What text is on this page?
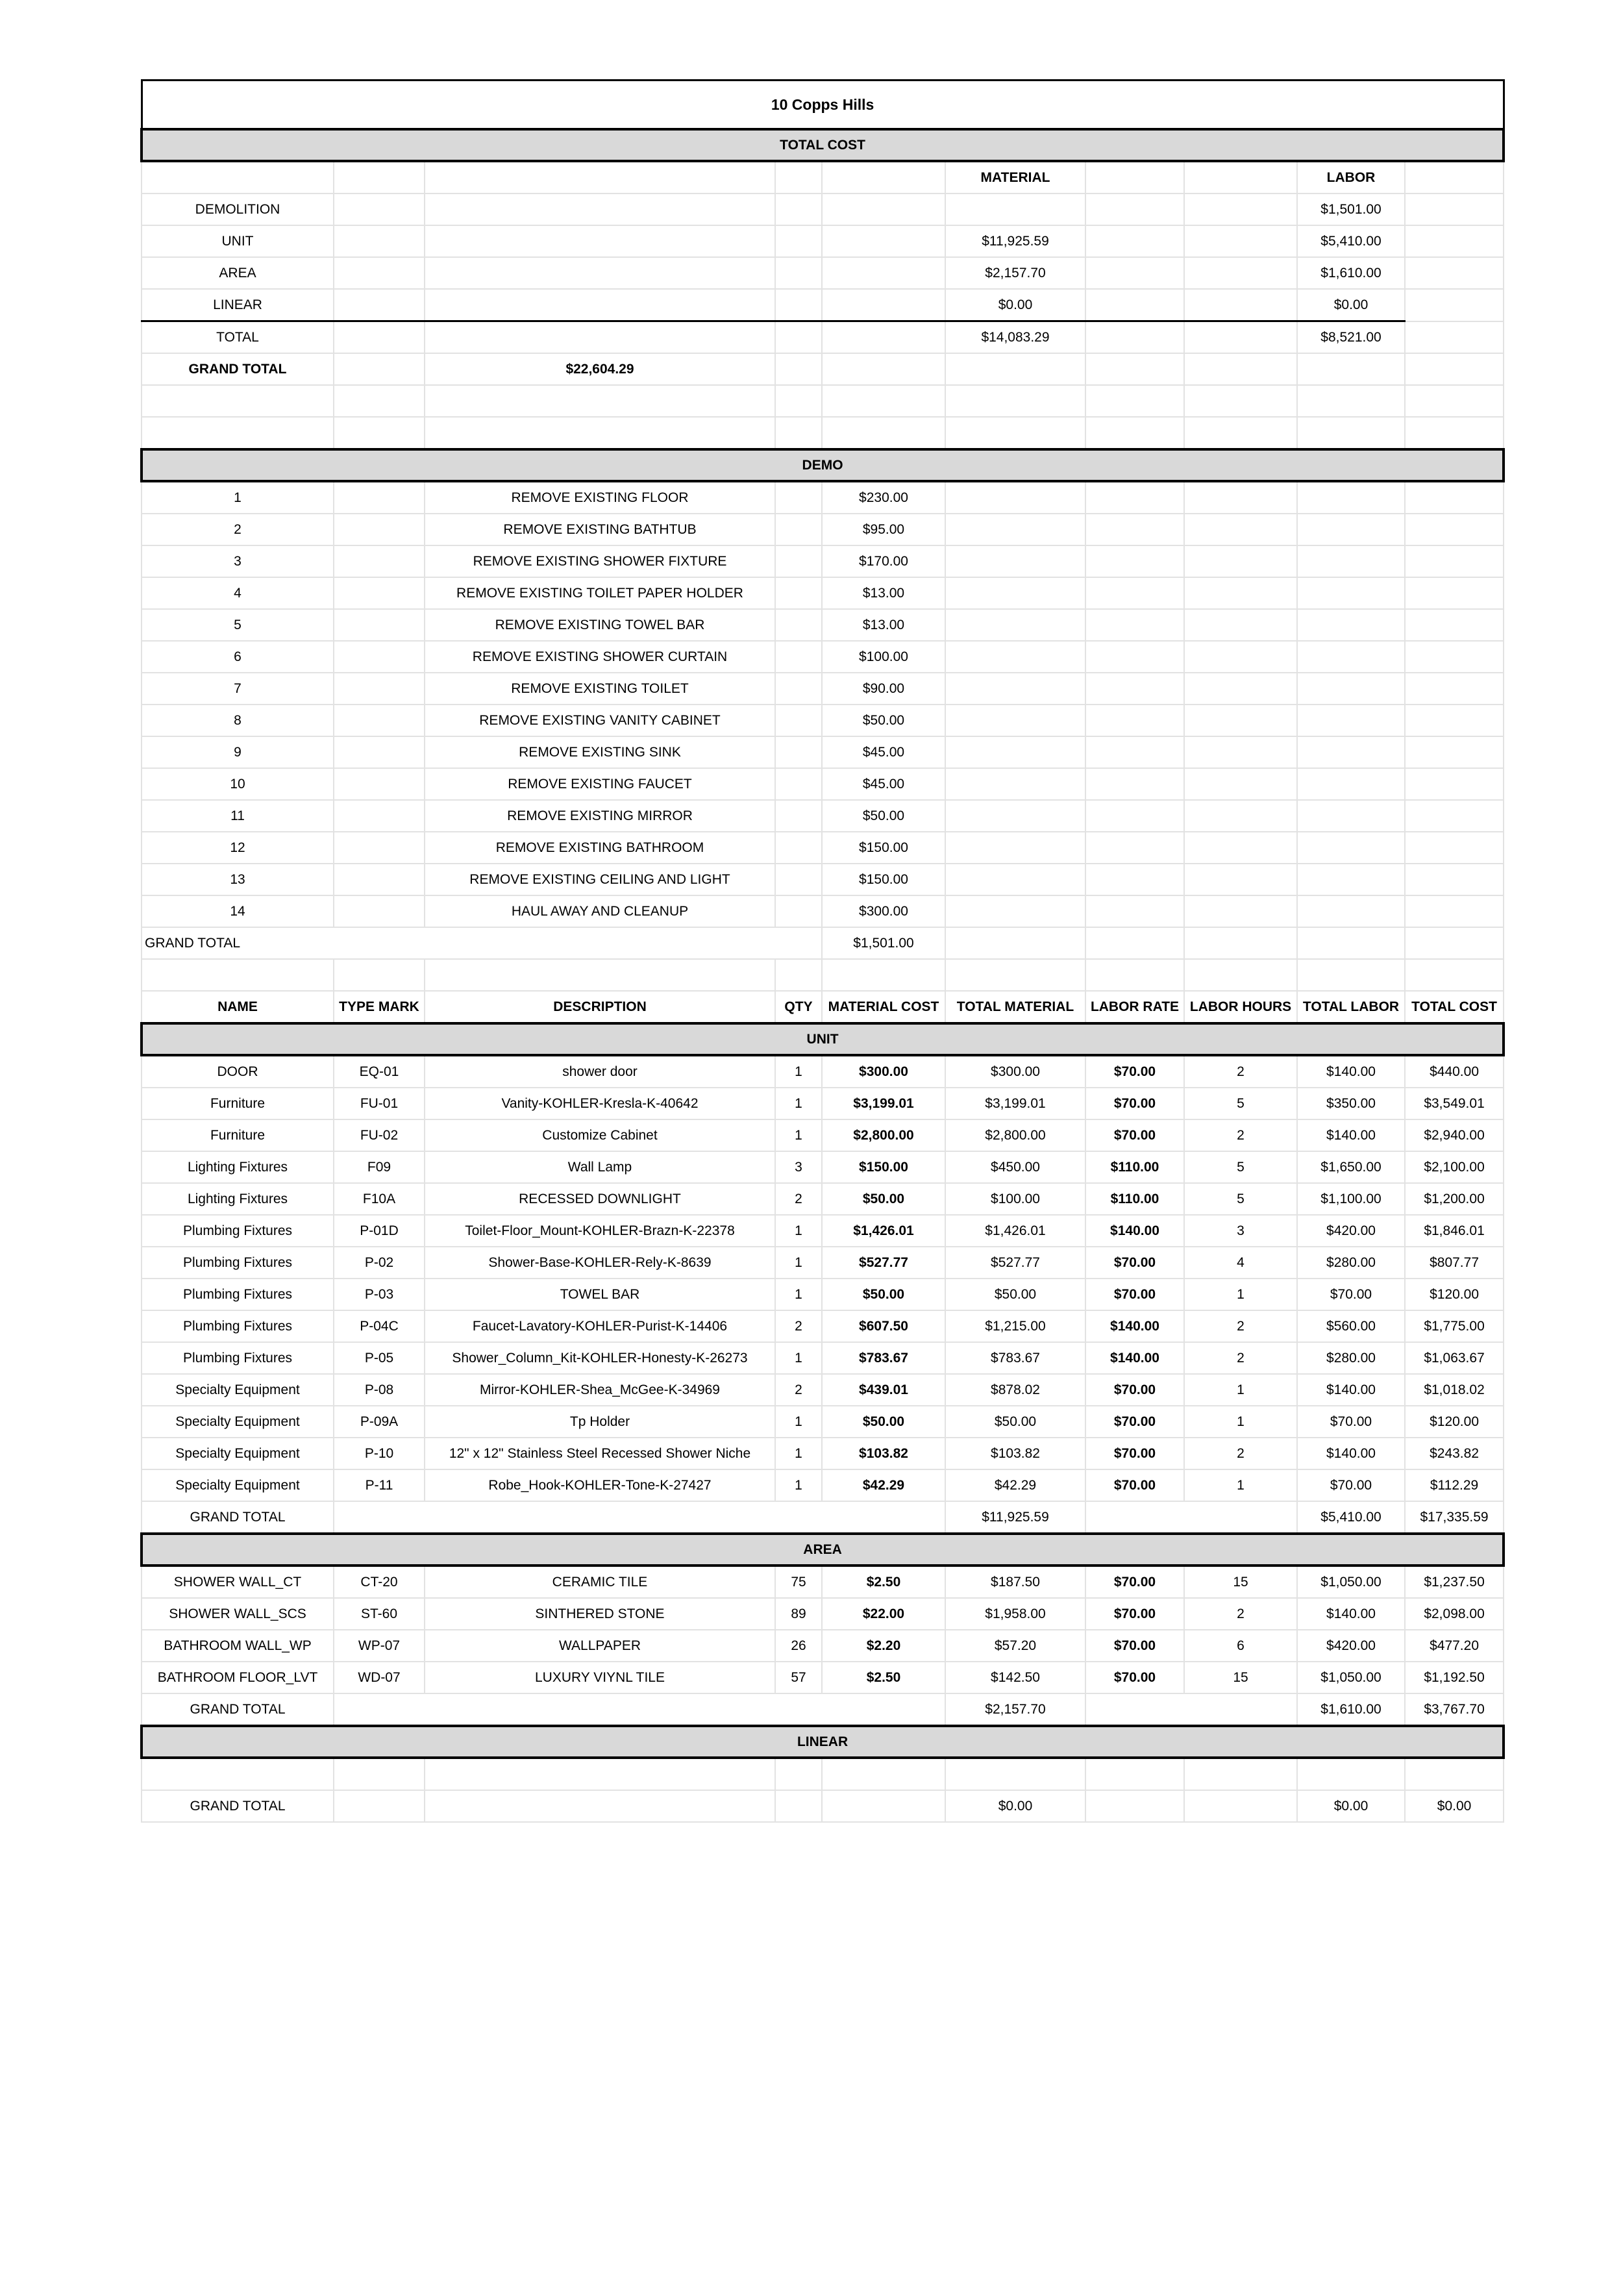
10 Copps Hills									
TOTAL COST									
					MATERIAL			LABOR	
DEMOLITION								$1,501.00	
UNIT					$11,925.59			$5,410.00	
AREA					$2,157.70			$1,610.00	
LINEAR					$0.00			$0.00	
TOTAL					$14,083.29			$8,521.00	
GRAND TOTAL		$22,604.29							

DEMO									
1		REMOVE EXISTING FLOOR		$230.00					
2		REMOVE EXISTING BATHTUB		$95.00					
3		REMOVE EXISTING SHOWER FIXTURE		$170.00					
4		REMOVE EXISTING TOILET PAPER HOLDER		$13.00					
5		REMOVE EXISTING TOWEL BAR		$13.00					
6		REMOVE EXISTING SHOWER CURTAIN		$100.00					
7		REMOVE EXISTING TOILET		$90.00					
8		REMOVE EXISTING VANITY CABINET		$50.00					
9		REMOVE EXISTING SINK		$45.00					
10		REMOVE EXISTING FAUCET		$45.00					
11		REMOVE EXISTING MIRROR		$50.00					
12		REMOVE EXISTING BATHROOM		$150.00					
13		REMOVE EXISTING CEILING AND LIGHT		$150.00					
14		HAUL AWAY AND CLEANUP		$300.00					
GRAND TOTAL				$1,501.00					

NAME	TYPE MARK	DESCRIPTION	QTY	MATERIAL COST	TOTAL MATERIAL	LABOR RATE	LABOR HOURS	TOTAL LABOR	TOTAL COST
UNIT									
DOOR	EQ-01	shower door	1	$300.00	$300.00	$70.00	2	$140.00	$440.00
Furniture	FU-01	Vanity-KOHLER-Kresla-K-40642	1	$3,199.01	$3,199.01	$70.00	5	$350.00	$3,549.01
Furniture	FU-02	Customize Cabinet	1	$2,800.00	$2,800.00	$70.00	2	$140.00	$2,940.00
Lighting Fixtures	F09	Wall Lamp	3	$150.00	$450.00	$110.00	5	$1,650.00	$2,100.00
Lighting Fixtures	F10A	RECESSED DOWNLIGHT	2	$50.00	$100.00	$110.00	5	$1,100.00	$1,200.00
Plumbing Fixtures	P-01D	Toilet-Floor_Mount-KOHLER-Brazn-K-22378	1	$1,426.01	$1,426.01	$140.00	3	$420.00	$1,846.01
Plumbing Fixtures	P-02	Shower-Base-KOHLER-Rely-K-8639	1	$527.77	$527.77	$70.00	4	$280.00	$807.77
Plumbing Fixtures	P-03	TOWEL BAR	1	$50.00	$50.00	$70.00	1	$70.00	$120.00
Plumbing Fixtures	P-04C	Faucet-Lavatory-KOHLER-Purist-K-14406	2	$607.50	$1,215.00	$140.00	2	$560.00	$1,775.00
Plumbing Fixtures	P-05	Shower_Column_Kit-KOHLER-Honesty-K-26273	1	$783.67	$783.67	$140.00	2	$280.00	$1,063.67
Specialty Equipment	P-08	Mirror-KOHLER-Shea_McGee-K-34969	2	$439.01	$878.02	$70.00	1	$140.00	$1,018.02
Specialty Equipment	P-09A	Tp Holder	1	$50.00	$50.00	$70.00	1	$70.00	$120.00
Specialty Equipment	P-10	12" x 12" Stainless Steel Recessed Shower Niche	1	$103.82	$103.82	$70.00	2	$140.00	$243.82
Specialty Equipment	P-11	Robe_Hook-KOHLER-Tone-K-27427	1	$42.29	$42.29	$70.00	1	$70.00	$112.29
GRAND TOTAL					$11,925.59			$5,410.00	$17,335.59
AREA									
SHOWER WALL_CT	CT-20	CERAMIC TILE	75	$2.50	$187.50	$70.00	15	$1,050.00	$1,237.50
SHOWER WALL_SCS	ST-60	SINTHERED STONE	89	$22.00	$1,958.00	$70.00	2	$140.00	$2,098.00
BATHROOM WALL_WP	WP-07	WALLPAPER	26	$2.20	$57.20	$70.00	6	$420.00	$477.20
BATHROOM FLOOR_LVT	WD-07	LUXURY VIYNL TILE	57	$2.50	$142.50	$70.00	15	$1,050.00	$1,192.50
GRAND TOTAL					$2,157.70			$1,610.00	$3,767.70
LINEAR									

GRAND TOTAL					$0.00			$0.00	$0.00
